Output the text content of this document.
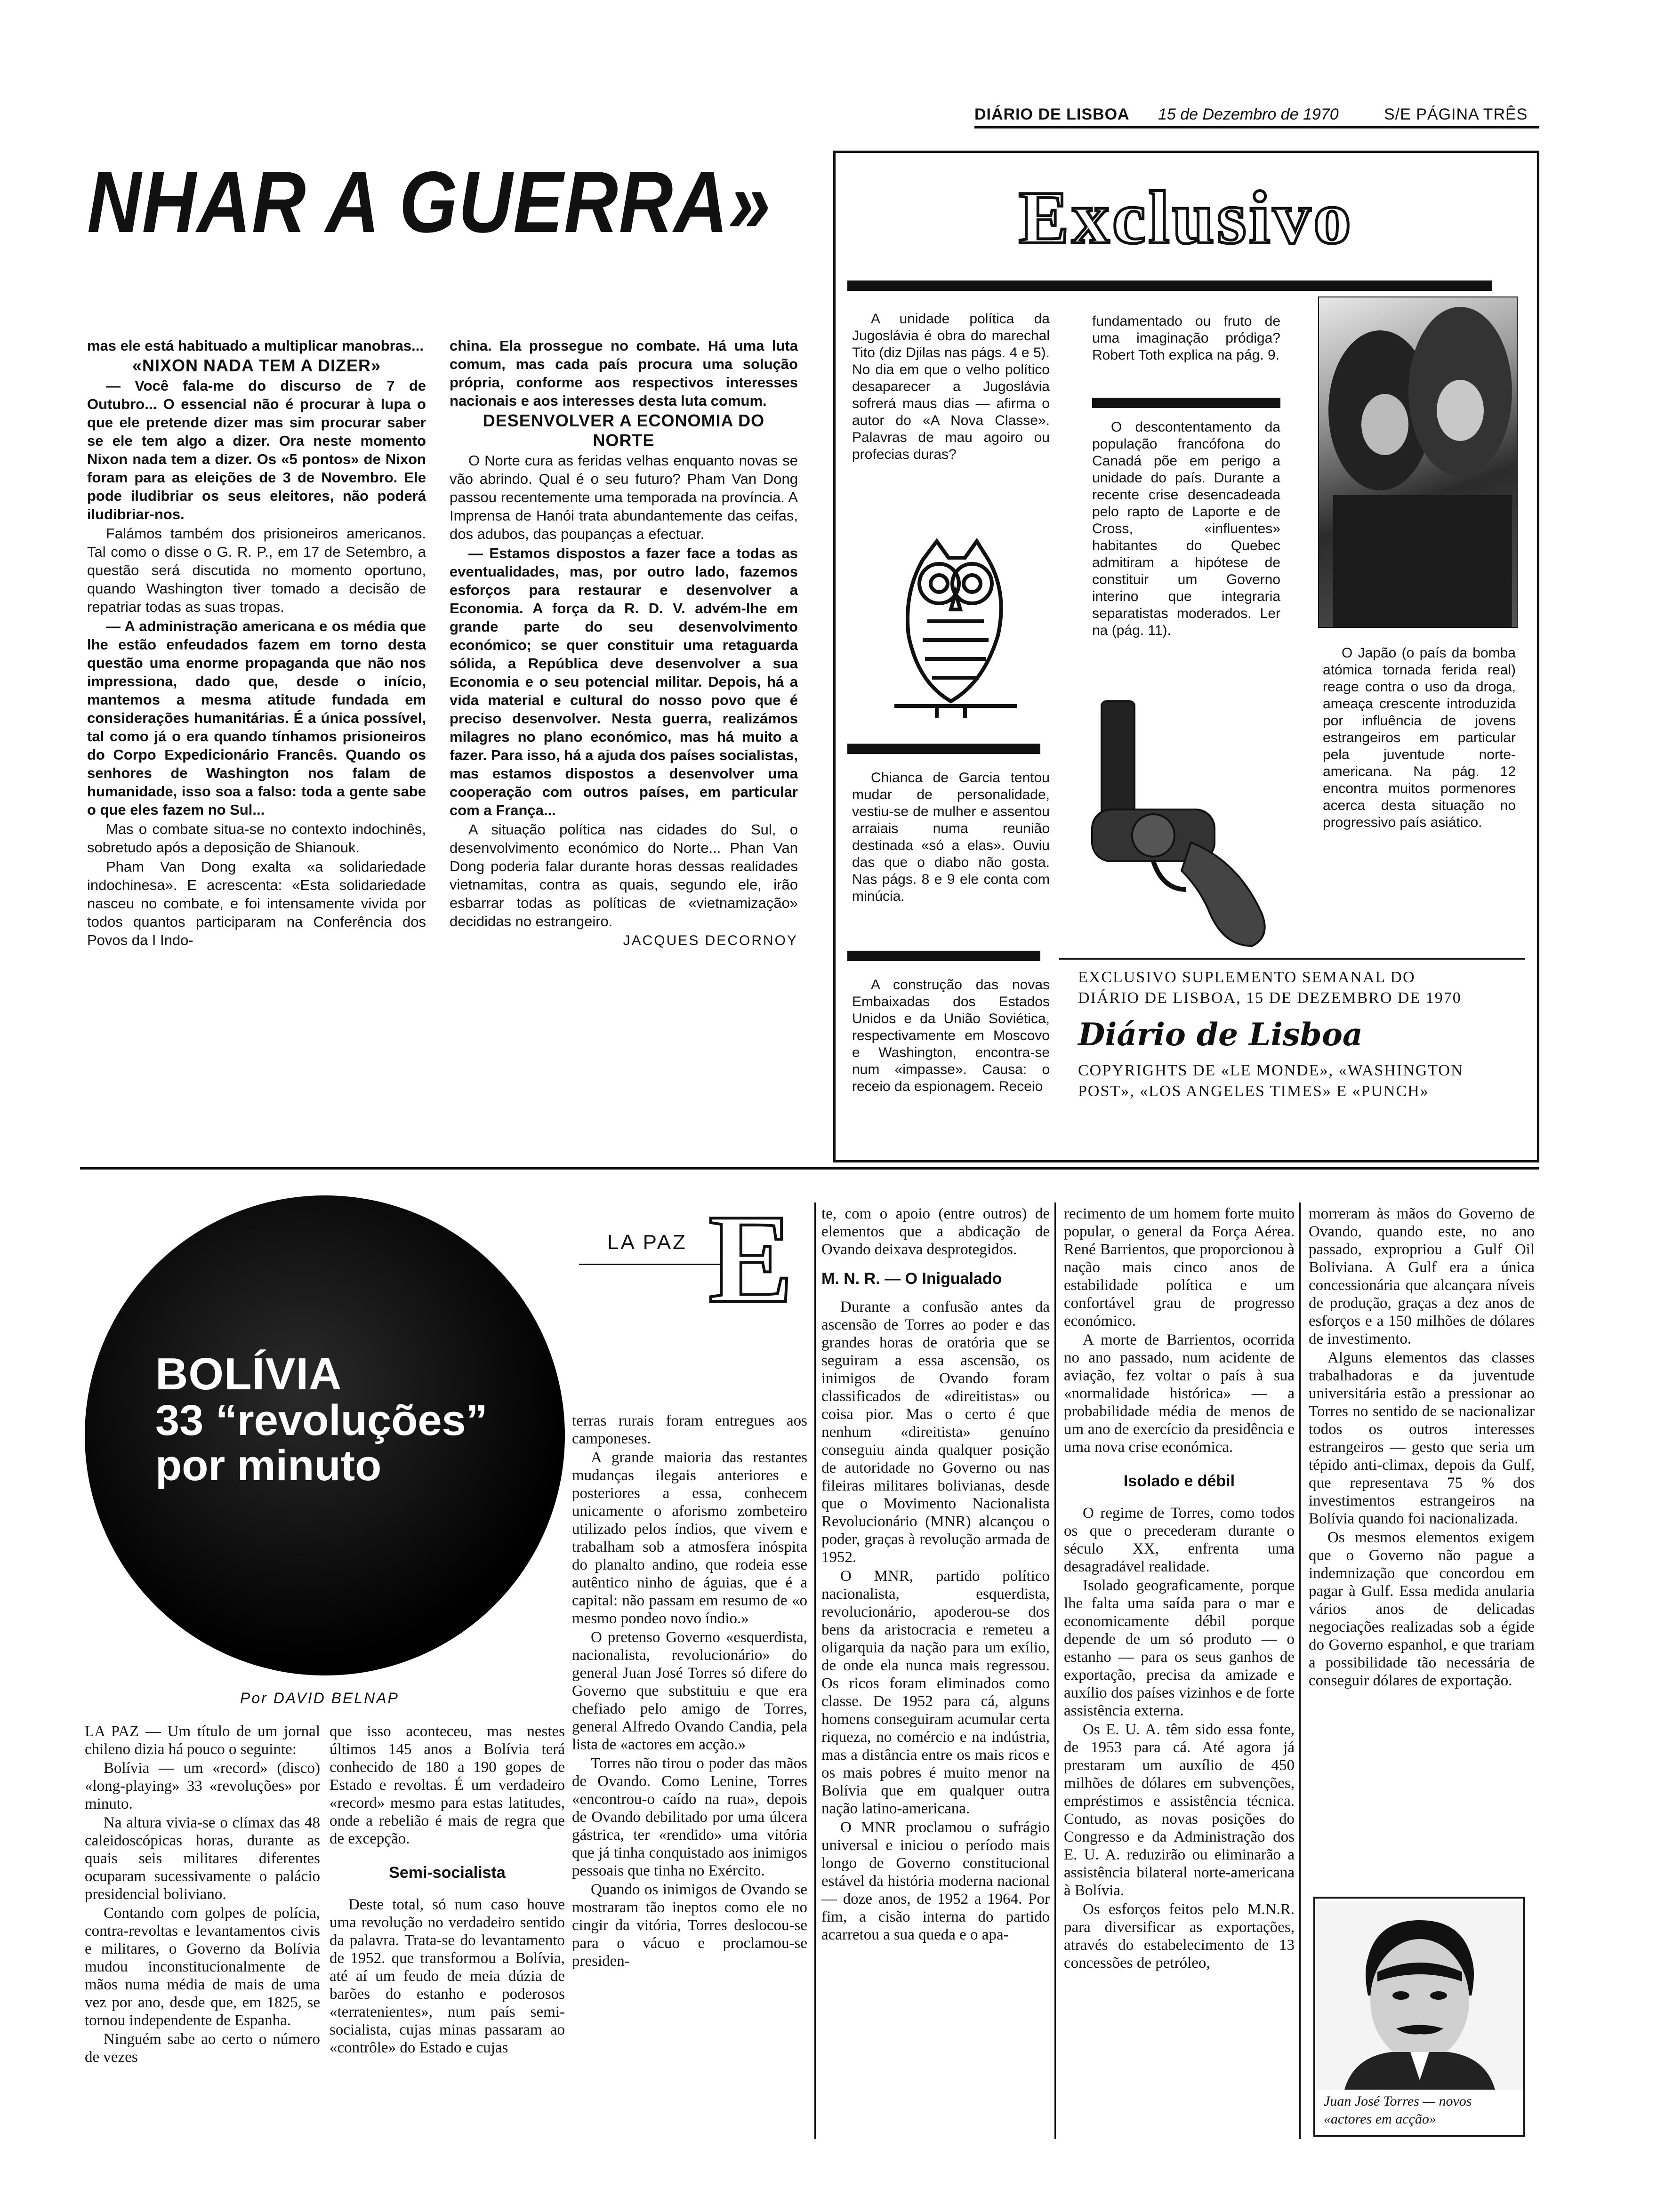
DIÁRIO DE LISBOA 15 de Dezembro de 1970	S/E PÁGINA TRÊS
NHAR A GUERRA»

mas ele está habituado a multiplicar manobras...

«NIXON NADA TEM A DIZER»

— Você fala-me do discurso de 7 de Outubro... O essencial não é procurar à lupa o que ele pretende dizer mas sim procurar saber se ele tem algo a dizer. Ora neste momento Nixon nada tem a dizer. Os «5 pontos» de Nixon foram para as eleições de 3 de Novembro. Ele pode iludibriar os seus eleitores, não poderá iludibriar-nos.

Falámos também dos prisioneiros americanos. Tal como o disse o G. R. P., em 17 de Setembro, a questão será discutida no momento oportuno, quando Washington tiver tomado a decisão de repatriar todas as suas tropas.

— A administração americana e os média que lhe estão enfeudados fazem em torno desta questão uma enorme propaganda que não nos impressiona, dado que, desde o início, mantemos a mesma atitude fundada em considerações humanitárias. É a única possível, tal como já o era quando tínhamos prisioneiros do Corpo Expedicionário Francês. Quando os senhores de Washington nos falam de humanidade, isso soa a falso: toda a gente sabe o que eles fazem no Sul...

Mas o combate situa-se no contexto indochinês, sobretudo após a deposição de Shianouk.

Pham Van Dong exalta «a solidariedade indochinesa». E acrescenta: «Esta solidariedade nasceu no combate, e foi intensamente vivida por todos quantos participaram na Conferência dos Povos da I Indo-

china. Ela prossegue no combate. Há uma luta comum, mas cada país procura uma solução própria, conforme aos respectivos interesses nacionais e aos interesses desta luta comum.

DESENVOLVER A ECONOMIA DO NORTE

O Norte cura as feridas velhas enquanto novas se vão abrindo. Qual é o seu futuro? Pham Van Dong passou recentemente uma temporada na província. A Imprensa de Hanói trata abundantemente das ceifas, dos adubos, das poupanças a efectuar.

— Estamos dispostos a fazer face a todas as eventualidades, mas, por outro lado, fazemos esforços para restaurar e desenvolver a Economia. A força da R. D. V. advém-lhe em grande parte do seu desenvolvimento económico; se quer constituir uma retaguarda sólida, a República deve desenvolver a sua Economia e o seu potencial militar. Depois, há a vida material e cultural do nosso povo que é preciso desenvolver. Nesta guerra, realizámos milagres no plano económico, mas há muito a fazer. Para isso, há a ajuda dos países socialistas, mas estamos dispostos a desenvolver uma cooperação com outros países, em particular com a França...

A situação política nas cidades do Sul, o desenvolvimento económico do Norte... Phan Van Dong poderia falar durante horas dessas realidades vietnamitas, contra as quais, segundo ele, irão esbarrar todas as políticas de «vietnamização» decididas no estrangeiro.

JACQUES DECORNOY

Exclusivo

A unidade política da Jugoslávia é obra do marechal Tito (diz Djilas nas págs. 4 e 5). No dia em que o velho político desaparecer a Jugoslávia sofrerá maus dias — afirma o autor do «A Nova Classe». Palavras de mau agoiro ou profecias duras?

Chianca de Garcia tentou mudar de personalidade, vestiu-se de mulher e assentou arraiais numa reunião destinada «só a elas». Ouviu das que o diabo não gosta. Nas págs. 8 e 9 ele conta com minúcia.

A construção das novas Embaixadas dos Estados Unidos e da União Soviética, respectivamente em Moscovo e Washington, encontra-se num «impasse». Causa: o receio da espionagem. Receio

fundamentado ou fruto de uma imaginação pródiga? Robert Toth explica na pág. 9.

O descontentamento da população francófona do Canadá põe em perigo a unidade do país. Durante a recente crise desencadeada pelo rapto de Laporte e de Cross, «influentes» habitantes do Quebec admitiram a hipótese de constituir um Governo interino que integraria separatistas moderados. Ler na (pág. 11).

O Japão (o país da bomba atómica tornada ferida real) reage contra o uso da droga, ameaça crescente introduzida por influência de jovens estrangeiros em particular pela juventude norte-americana. Na pág. 12 encontra muitos pormenores acerca desta situação no progressivo país asiático.

EXCLUSIVO SUPLEMENTO SEMANAL DO
DIÁRIO DE LISBOA, 15 DE DEZEMBRO DE 1970
Diário de Lisboa
COPYRIGHTS DE «LE MONDE», «WASHINGTON
POST», «LOS ANGELES TIMES» E «PUNCH»
BOLÍVIA
33 “revoluções”
por minuto
Por DAVID BELNAP
LA PAZ E

LA PAZ — Um título de um jornal chileno dizia há pouco o seguinte:

Bolívia — um «record» (disco) «long-playing» 33 «revoluções» por minuto.

Na altura vivia-se o clímax das 48 caleidoscópicas horas, durante as quais seis militares diferentes ocuparam sucessivamente o palácio presidencial boliviano.

Contando com golpes de polícia, contra-revoltas e levantamentos civis e militares, o Governo da Bolívia mudou inconstitucionalmente de mãos numa média de mais de uma vez por ano, desde que, em 1825, se tornou independente de Espanha.

Ninguém sabe ao certo o número de vezes

que isso aconteceu, mas nestes últimos 145 anos a Bolívia terá conhecido de 180 a 190 gopes de Estado e revoltas. É um verdadeiro «record» mesmo para estas latitudes, onde a rebelião é mais de regra que de excepção.

Semi-socialista

Deste total, só num caso houve uma revolução no verdadeiro sentido da palavra. Trata-se do levantamento de 1952. que transformou a Bolívia, até aí um feudo de meia dúzia de barões do estanho e poderosos «terratenientes», num país semi-socialista, cujas minas passaram ao «contrôle» do Estado e cujas

terras rurais foram entregues aos camponeses.

A grande maioria das restantes mudanças ilegais anteriores e posteriores a essa, conhecem unicamente o aforismo zombeteiro utilizado pelos índios, que vivem e trabalham sob a atmosfera inóspita do planalto andino, que rodeia esse autêntico ninho de águias, que é a capital: não passam em resumo de «o mesmo pondeo novo índio.»

O pretenso Governo «esquerdista, nacionalista, revolucionário» do general Juan José Torres só difere do Governo que substituiu e que era chefiado pelo amigo de Torres, general Alfredo Ovando Candia, pela lista de «actores em acção.»

Torres não tirou o poder das mãos de Ovando. Como Lenine, Torres «encontrou-o caído na rua», depois de Ovando debilitado por uma úlcera gástrica, ter «rendido» uma vitória que já tinha conquistado aos inimigos pessoais que tinha no Exército.

Quando os inimigos de Ovando se mostraram tão ineptos como ele no cingir da vitória, Torres deslocou-se para o vácuo e proclamou-se presiden-

te, com o apoio (entre outros) de elementos que a abdicação de Ovando deixava desprotegidos.

M. N. R. — O Inigualado

Durante a confusão antes da ascensão de Torres ao poder e das grandes horas de oratória que se seguiram a essa ascensão, os inimigos de Ovando foram classificados de «direitistas» ou coisa pior. Mas o certo é que nenhum «direitista» genuíno conseguiu ainda qualquer posição de autoridade no Governo ou nas fileiras militares bolivianas, desde que o Movimento Nacionalista Revolucionário (MNR) alcançou o poder, graças à revolução armada de 1952.

O MNR, partido político nacionalista, esquerdista, revolucionário, apoderou-se dos bens da aristocracia e remeteu a oligarquia da nação para um exílio, de onde ela nunca mais regressou. Os ricos foram eliminados como classe. De 1952 para cá, alguns homens conseguiram acumular certa riqueza, no comércio e na indústria, mas a distância entre os mais ricos e os mais pobres é muito menor na Bolívia que em qualquer outra nação latino-americana.

O MNR proclamou o sufrágio universal e iniciou o período mais longo de Governo constitucional estável da história moderna nacional — doze anos, de 1952 a 1964. Por fim, a cisão interna do partido acarretou a sua queda e o apa-

recimento de um homem forte muito popular, o general da Força Aérea. René Barrientos, que proporcionou à nação mais cinco anos de estabilidade política e um confortável grau de progresso económico.

A morte de Barrientos, ocorrida no ano passado, num acidente de aviação, fez voltar o país à sua «normalidade histórica» — a probabilidade média de menos de um ano de exercício da presidência e uma nova crise económica.

Isolado e débil

O regime de Torres, como todos os que o precederam durante o século XX, enfrenta uma desagradável realidade.

Isolado geograficamente, porque lhe falta uma saída para o mar e economicamente débil porque depende de um só produto — o estanho — para os seus ganhos de exportação, precisa da amizade e auxílio dos países vizinhos e de forte assistência externa.

Os E. U. A. têm sido essa fonte, de 1953 para cá. Até agora já prestaram um auxílio de 450 milhões de dólares em subvenções, empréstimos e assistência técnica. Contudo, as novas posições do Congresso e da Administração dos E. U. A. reduzirão ou eliminarão a assistência bilateral norte-americana à Bolívia.

Os esforços feitos pelo M.N.R. para diversificar as exportações, através do estabelecimento de 13 concessões de petróleo,

morreram às mãos do Governo de Ovando, quando este, no ano passado, expropriou a Gulf Oil Boliviana. A Gulf era a única concessionária que alcançara níveis de produção, graças a dez anos de esforços e a 150 milhões de dólares de investimento.

Alguns elementos das classes trabalhadoras e da juventude universitária estão a pressionar ao Torres no sentido de se nacionalizar todos os outros interesses estrangeiros — gesto que seria um tépido anti-climax, depois da Gulf, que representava 75 % dos investimentos estrangeiros na Bolívia quando foi nacionalizada.

Os mesmos elementos exigem que o Governo não pague a indemnização que concordou em pagar à Gulf. Essa medida anularia vários anos de delicadas negociações realizadas sob a égide do Governo espanhol, e que trariam a possibilidade tão necessária de conseguir dólares de exportação.

Juan José Torres — novos «actores em acção»
